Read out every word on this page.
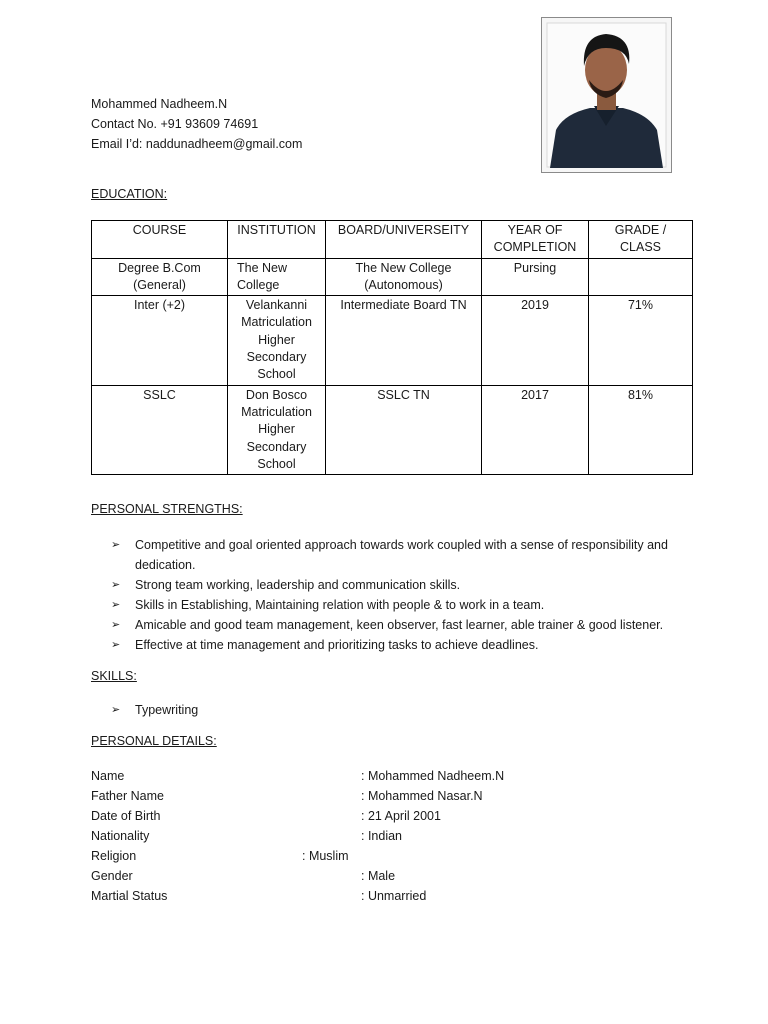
Mohammed Nadheem.N
Contact No. +91 93609 74691
Email I’d: naddunadheem@gmail.com
EDUCATION:
COURSE	INSTITUTION	BOARD/UNIVERSEITY	YEAR OF COMPLETION	GRADE / CLASS
Degree B.Com (General)	The New College	The New College (Autonomous)	Pursing	
Inter (+2)	Velankanni Matriculation Higher Secondary School	Intermediate Board TN	2019	71%
SSLC	Don Bosco Matriculation Higher Secondary School	SSLC TN	2017	81%
PERSONAL STRENGTHS:
➢ Competitive and goal oriented approach towards work coupled with a sense of responsibility and dedication.
➢ Strong team working, leadership and communication skills.
➢ Skills in Establishing, Maintaining relation with people & to work in a team.
➢ Amicable and good team management, keen observer, fast learner, able trainer & good listener.
➢ Effective at time management and prioritizing tasks to achieve deadlines.
SKILLS:
➢ Typewriting
PERSONAL DETAILS:
Name	: Mohammed Nadheem.N
Father Name	: Mohammed Nasar.N
Date of Birth	: 21 April 2001
Nationality	: Indian
Religion	: Muslim
Gender	: Male
Martial Status	: Unmarried
